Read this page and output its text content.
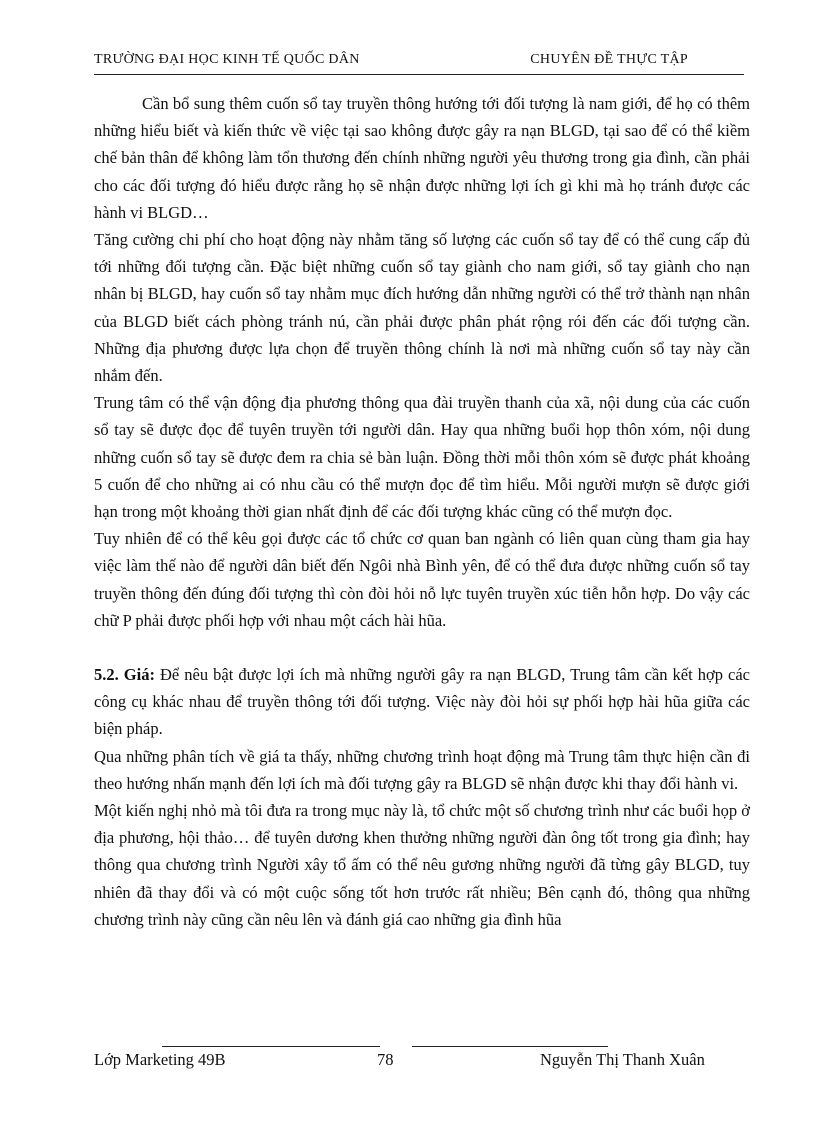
TRƯỜNG ĐẠI HỌC KINH TẾ QUỐC DÂN	CHUYÊN ĐỀ THỰC TẬP

Cần bổ sung thêm cuốn sổ tay truyền thông hướng tới đối tượng là nam giới, để họ có thêm những hiểu biết và kiến thức về việc tại sao không được gây ra nạn BLGD, tại sao để có thể kiềm chế bản thân để không làm tổn thương đến chính những người yêu thương trong gia đình, cần phải cho các đối tượng đó hiểu được rằng họ sẽ nhận được những lợi ích gì khi mà họ tránh được các hành vi BLGD…

Tăng cường chi phí cho hoạt động này nhằm tăng số lượng các cuốn sổ tay để có thể cung cấp đủ tới những đối tượng cần. Đặc biệt những cuốn sổ tay giành cho nam giới, sổ tay giành cho nạn nhân bị BLGD, hay cuốn sổ tay nhằm mục đích hướng dẫn những người có thể trở thành nạn nhân của BLGD biết cách phòng tránh nú, cần phải được phân phát rộng rói đến các đối tượng cần. Những địa phương được lựa chọn để truyền thông chính là nơi mà những cuốn sổ tay này cần nhắm đến.

Trung tâm có thể vận động địa phương thông qua đài truyền thanh của xã, nội dung của các cuốn sổ tay sẽ được đọc để tuyên truyền tới người dân. Hay qua những buổi họp thôn xóm, nội dung những cuốn sổ tay sẽ được đem ra chia sẻ bàn luận. Đồng thời mỗi thôn xóm sẽ được phát khoảng 5 cuốn để cho những ai có nhu cầu có thể mượn đọc để tìm hiểu. Mỗi người mượn sẽ được giới hạn trong một khoảng thời gian nhất định để các đối tượng khác cũng có thể mượn đọc.

Tuy nhiên để có thể kêu gọi được các tổ chức cơ quan ban ngành có liên quan cùng tham gia hay việc làm thế nào để người dân biết đến Ngôi nhà Bình yên, để có thể đưa được những cuốn sổ tay truyền thông đến đúng đối tượng thì còn đòi hỏi nỗ lực tuyên truyền xúc tiễn hỗn hợp. Do vậy các chữ P phải được phối hợp với nhau một cách hài hũa.

5.2. Giá: Để nêu bật được lợi ích mà những người gây ra nạn BLGD, Trung tâm cần kết hợp các công cụ khác nhau để truyền thông tới đối tượng. Việc này đòi hỏi sự phối hợp hài hũa giữa các biện pháp.

Qua những phân tích về giá ta thấy, những chương trình hoạt động mà Trung tâm thực hiện cần đi theo hướng nhấn mạnh đến lợi ích mà đối tượng gây ra BLGD sẽ nhận được khi thay đổi hành vi.

Một kiến nghị nhỏ mà tôi đưa ra trong mục này là, tổ chức một số chương trình như các buổi họp ở địa phương, hội thảo… để tuyên dương khen thưởng những người đàn ông tốt trong gia đình; hay thông qua chương trình Người xây tổ ấm có thể nêu gương những người đã từng gây BLGD, tuy nhiên đã thay đổi và có một cuộc sống tốt hơn trước rất nhiều; Bên cạnh đó, thông qua những chương trình này cũng cần nêu lên và đánh giá cao những gia đình hũa

Lớp Marketing 49B	78	Nguyễn Thị Thanh Xuân
